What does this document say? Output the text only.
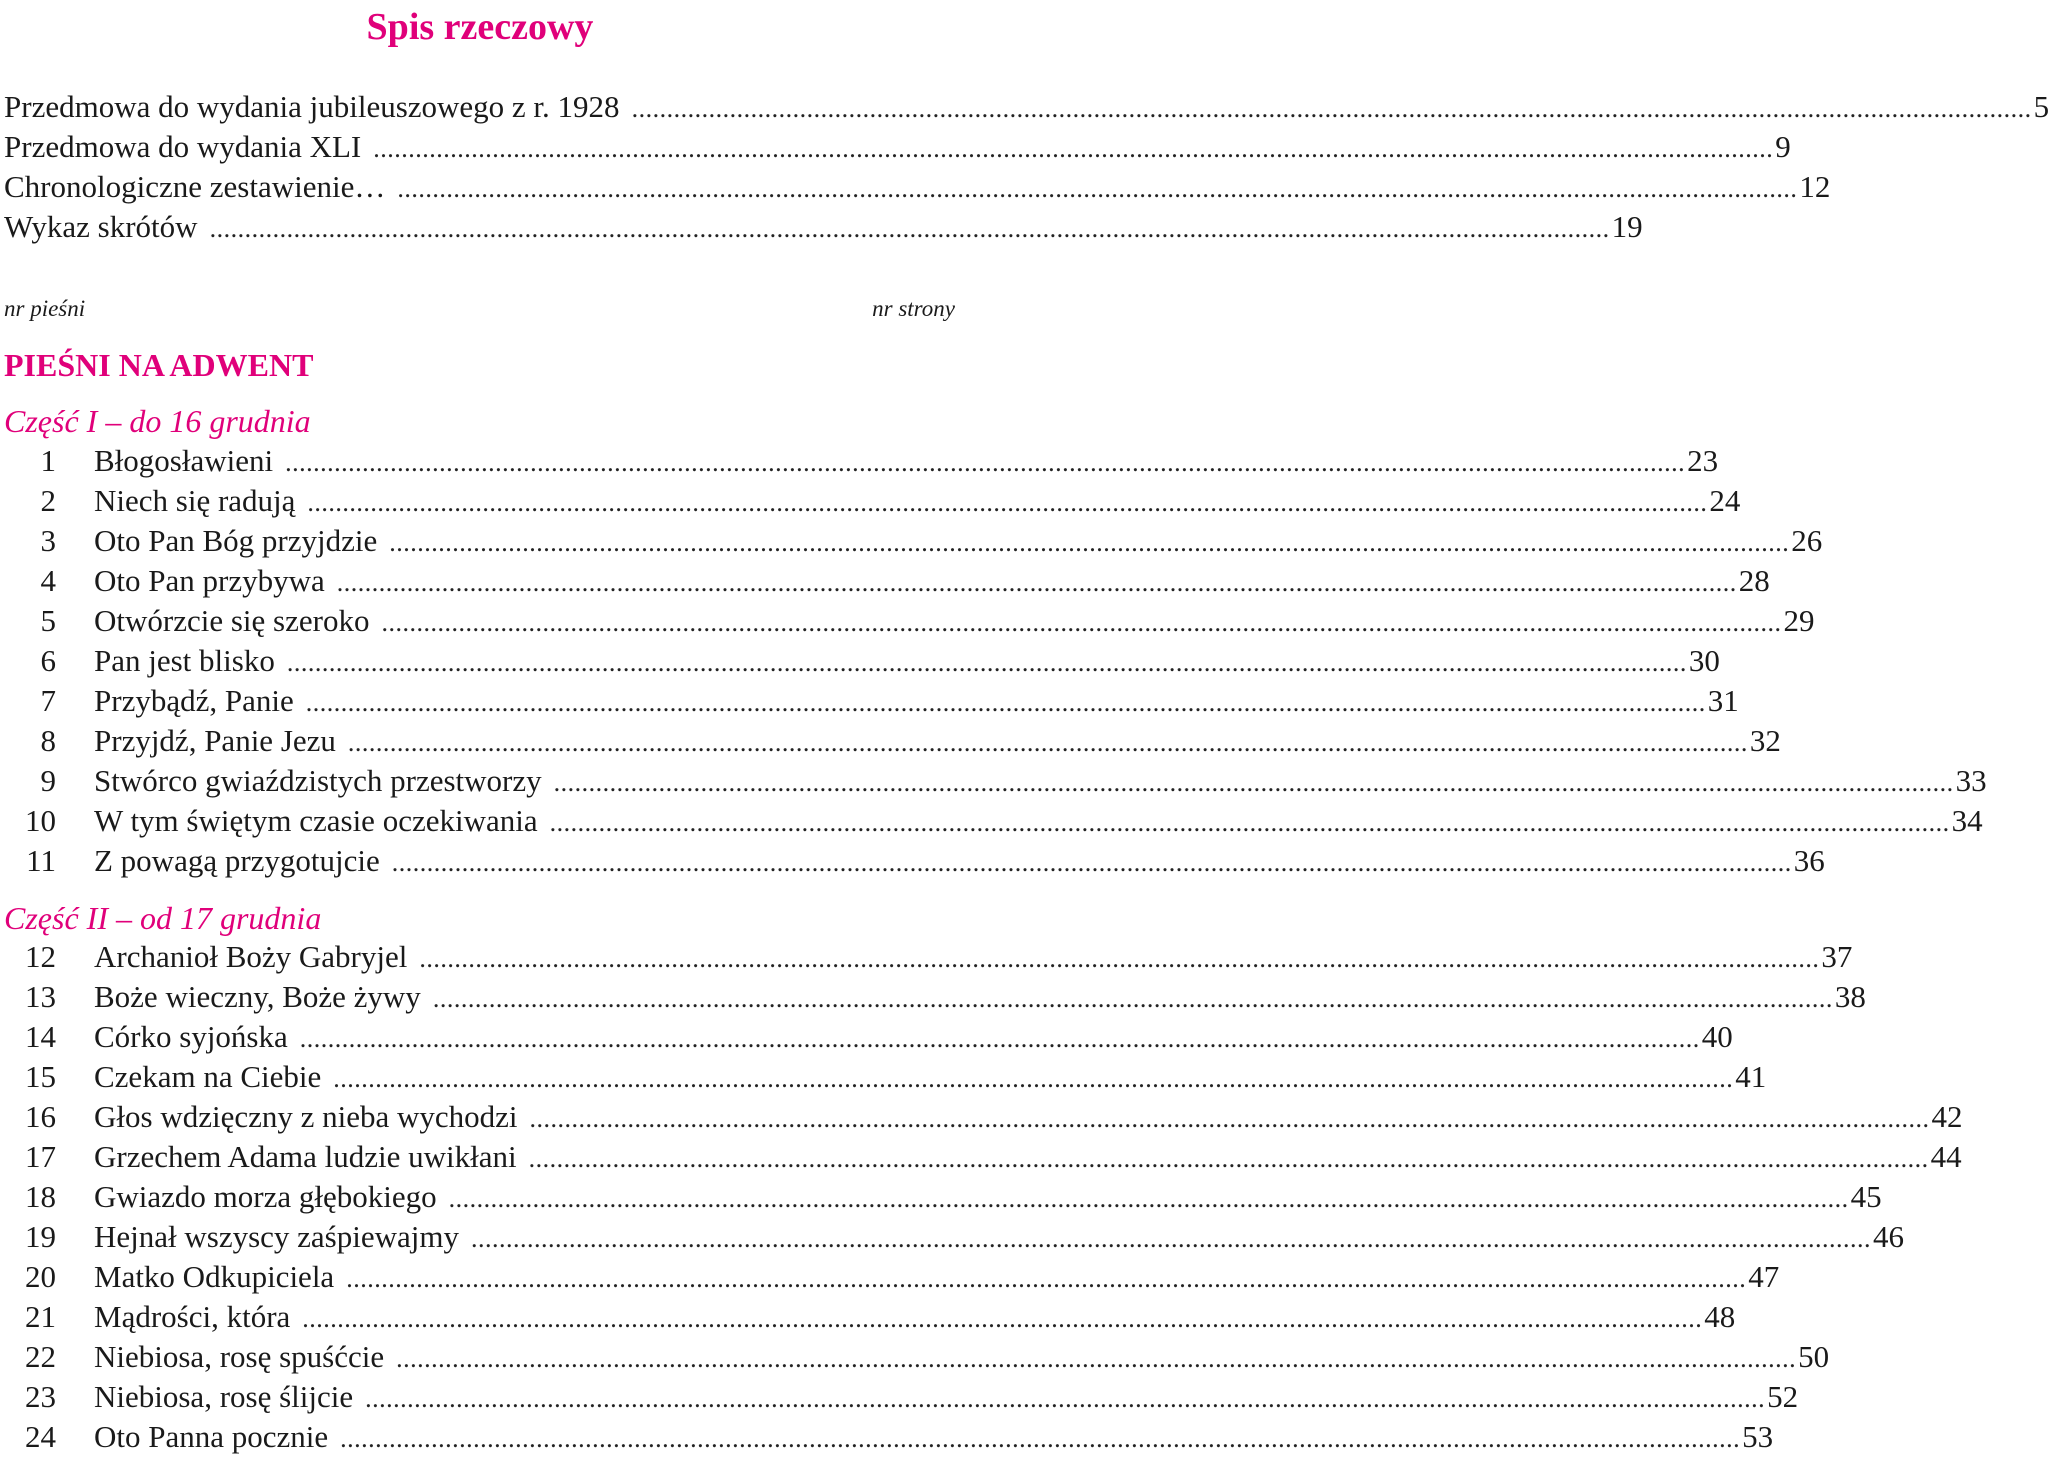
Spis rzeczowy
Przedmowa do wydania jubileuszowego z r. 1928 ........................................................................................................................................................................................................ 5
Przedmowa do wydania XLI ........................................................................................................................................................................................................ 9
Chronologiczne zestawienie… ........................................................................................................................................................................................................ 12
Wykaz skrótów ........................................................................................................................................................................................................ 19
nr pieśni	nr strony
PIEŚNI NA ADWENT
Część I – do 16 grudnia
1 Błogosławieni ........................................................................................................................................................................................................ 23
2 Niech się radują ........................................................................................................................................................................................................ 24
3 Oto Pan Bóg przyjdzie ........................................................................................................................................................................................................ 26
4 Oto Pan przybywa ........................................................................................................................................................................................................ 28
5 Otwórzcie się szeroko ........................................................................................................................................................................................................ 29
6 Pan jest blisko ........................................................................................................................................................................................................ 30
7 Przybądź, Panie ........................................................................................................................................................................................................ 31
8 Przyjdź, Panie Jezu ........................................................................................................................................................................................................ 32
9 Stwórco gwiaździstych przestworzy ........................................................................................................................................................................................................ 33
10 W tym świętym czasie oczekiwania ........................................................................................................................................................................................................ 34
11 Z powagą przygotujcie ........................................................................................................................................................................................................ 36
Część II – od 17 grudnia
12 Archanioł Boży Gabryjel ........................................................................................................................................................................................................ 37
13 Boże wieczny, Boże żywy ........................................................................................................................................................................................................ 38
14 Córko syjońska ........................................................................................................................................................................................................ 40
15 Czekam na Ciebie ........................................................................................................................................................................................................ 41
16 Głos wdzięczny z nieba wychodzi ........................................................................................................................................................................................................ 42
17 Grzechem Adama ludzie uwikłani ........................................................................................................................................................................................................ 44
18 Gwiazdo morza głębokiego ........................................................................................................................................................................................................ 45
19 Hejnał wszyscy zaśpiewajmy ........................................................................................................................................................................................................ 46
20 Matko Odkupiciela ........................................................................................................................................................................................................ 47
21 Mądrości, która ........................................................................................................................................................................................................ 48
22 Niebiosa, rosę spuśćcie ........................................................................................................................................................................................................ 50
23 Niebiosa, rosę ślijcie ........................................................................................................................................................................................................ 52
24 Oto Panna pocznie ........................................................................................................................................................................................................ 53
